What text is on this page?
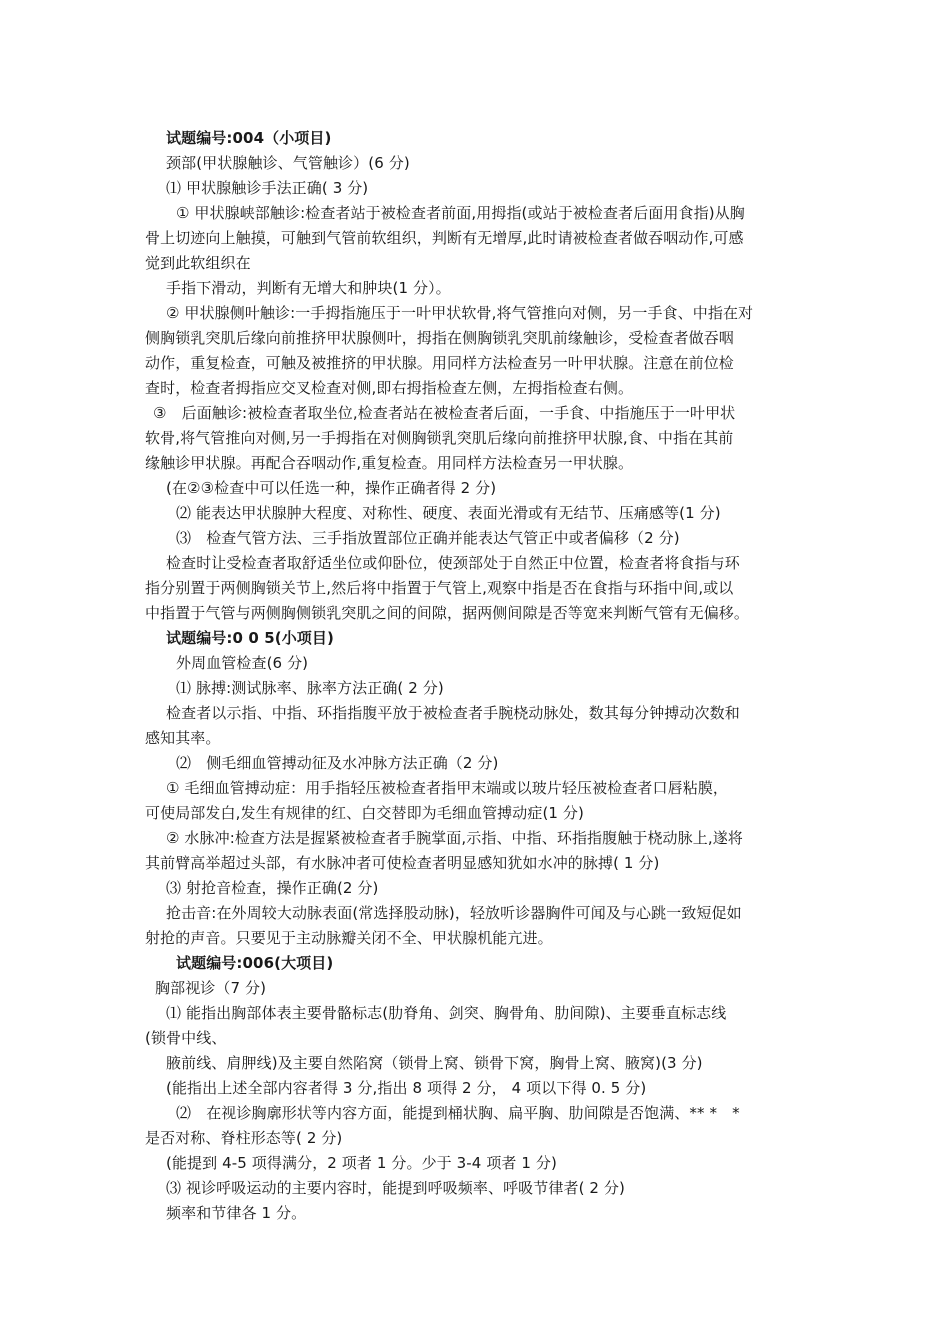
试题编号:004（小项目)
颈部(甲状腺触诊、气管触诊）(6 分)
⑴ 甲状腺触诊手法正确( 3 分)
① 甲状腺峡部触诊:检查者站于被检查者前面,用拇指(或站于被检查者后面用食指)从胸
骨上切迹向上触摸，可触到气管前软组织，判断有无增厚,此时请被检查者做吞咽动作,可感
觉到此软组织在
手指下滑动，判断有无增大和肿块(1 分）。
② 甲状腺侧叶触诊:一手拇指施压于一叶甲状软骨,将气管推向对侧，另一手食、中指在对
侧胸锁乳突肌后缘向前推挤甲状腺侧叶，拇指在侧胸锁乳突肌前缘触诊，受检查者做吞咽
动作，重复检查，可触及被推挤的甲状腺。用同样方法检查另一叶甲状腺。注意在前位检
查时，检查者拇指应交叉检查对侧,即右拇指检查左侧，左拇指检查右侧。
③　后面触诊:被检查者取坐位,检查者站在被检查者后面，一手食、中指施压于一叶甲状
软骨,将气管推向对侧,另一手拇指在对侧胸锁乳突肌后缘向前推挤甲状腺,食、中指在其前
缘触诊甲状腺。再配合吞咽动作,重复检查。用同样方法检查另一甲状腺。
(在②③检查中可以任选一种，操作正确者得 2 分)
⑵ 能表达甲状腺肿大程度、对称性、硬度、表面光滑或有无结节、压痛感等(1 分)
⑶　检查气管方法、三手指放置部位正确并能表达气管正中或者偏移（2 分)
检查时让受检查者取舒适坐位或仰卧位，使颈部处于自然正中位置，检查者将食指与环
指分别置于两侧胸锁关节上,然后将中指置于气管上,观察中指是否在食指与环指中间,或以
中指置于气管与两侧胸侧锁乳突肌之间的间隙，据两侧间隙是否等宽来判断气管有无偏移。
试题编号:0 0 5(小项目)
外周血管检查(6 分)
⑴ 脉搏:测试脉率、脉率方法正确( 2 分)
检查者以示指、中指、环指指腹平放于被检查者手腕桡动脉处，数其每分钟搏动次数和
感知其率。
⑵　侧毛细血管搏动征及水冲脉方法正确（2 分)
① 毛细血管搏动症：用手指轻压被检查者指甲末端或以玻片轻压被检查者口唇粘膜，
可使局部发白,发生有规律的红、白交替即为毛细血管搏动症(1 分)
② 水脉冲:检查方法是握紧被检查者手腕掌面,示指、中指、环指指腹触于桡动脉上,遂将
其前臂高举超过头部，有水脉冲者可使检查者明显感知犹如水冲的脉搏( 1 分)
⑶ 射抢音检查，操作正确(2 分)
抢击音:在外周较大动脉表面(常选择股动脉)，轻放听诊器胸件可闻及与心跳一致短促如
射抢的声音。只要见于主动脉瓣关闭不全、甲状腺机能亢进。
试题编号:006(大项目)
胸部视诊（7 分)
⑴ 能指出胸部体表主要骨骼标志(肋脊角、剑突、胸骨角、肋间隙)、主要垂直标志线
(锁骨中线、
腋前线、肩胛线)及主要自然陷窝（锁骨上窝、锁骨下窝，胸骨上窝、腋窝)(3 分)
(能指出上述全部内容者得 3 分,指出 8 项得 2 分， 4 项以下得 0. 5 分)
⑵　在视诊胸廓形状等内容方面，能提到桶状胸、扁平胸、肋间隙是否饱满、** *　*
是否对称、脊柱形态等( 2 分)
(能提到 4-5 项得满分，2 项者 1 分。少于 3-4 项者 1 分)
⑶ 视诊呼吸运动的主要内容时，能提到呼吸频率、呼吸节律者( 2 分)
频率和节律各 1 分。
